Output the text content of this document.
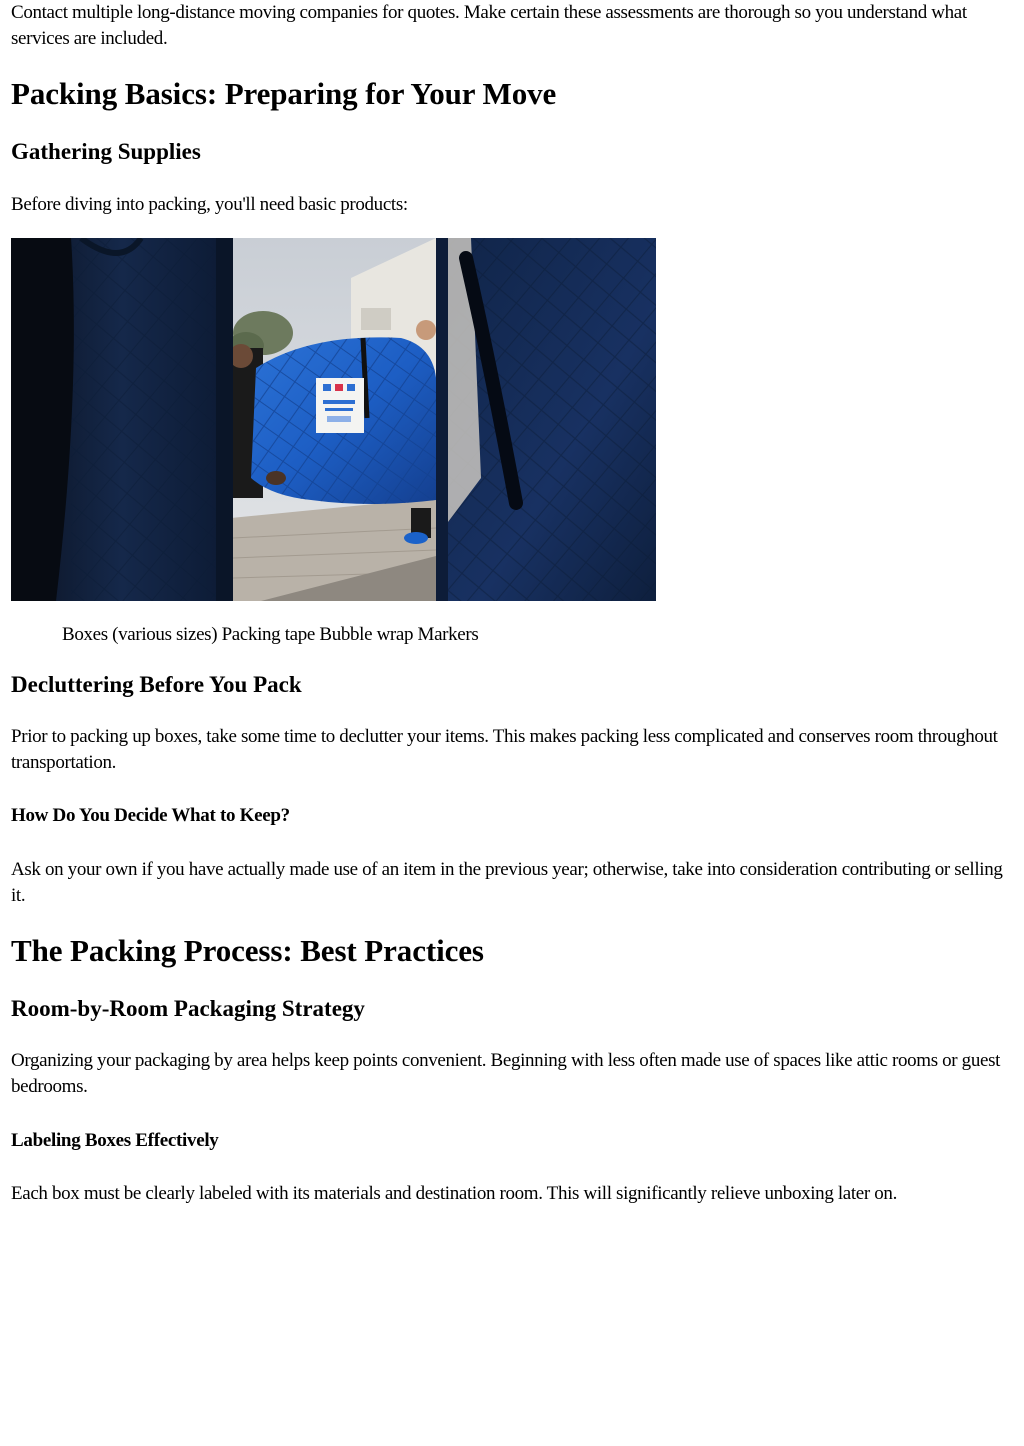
Contact multiple long-distance moving companies for quotes. Make certain these assessments are thorough so you understand what services are included.

Packing Basics: Preparing for Your Move
Gathering Supplies

Before diving into packing, you'll need basic products:

Boxes (various sizes) Packing tape Bubble wrap Markers
Decluttering Before You Pack

Prior to packing up boxes, take some time to declutter your items. This makes packing less complicated and conserves room throughout transportation.

How Do You Decide What to Keep?

Ask on your own if you have actually made use of an item in the previous year; otherwise, take into consideration contributing or selling it.

The Packing Process: Best Practices
Room-by-Room Packaging Strategy

Organizing your packaging by area helps keep points convenient. Beginning with less often made use of spaces like attic rooms or guest bedrooms.

Labeling Boxes Effectively

Each box must be clearly labeled with its materials and destination room. This will significantly relieve unboxing later on.
